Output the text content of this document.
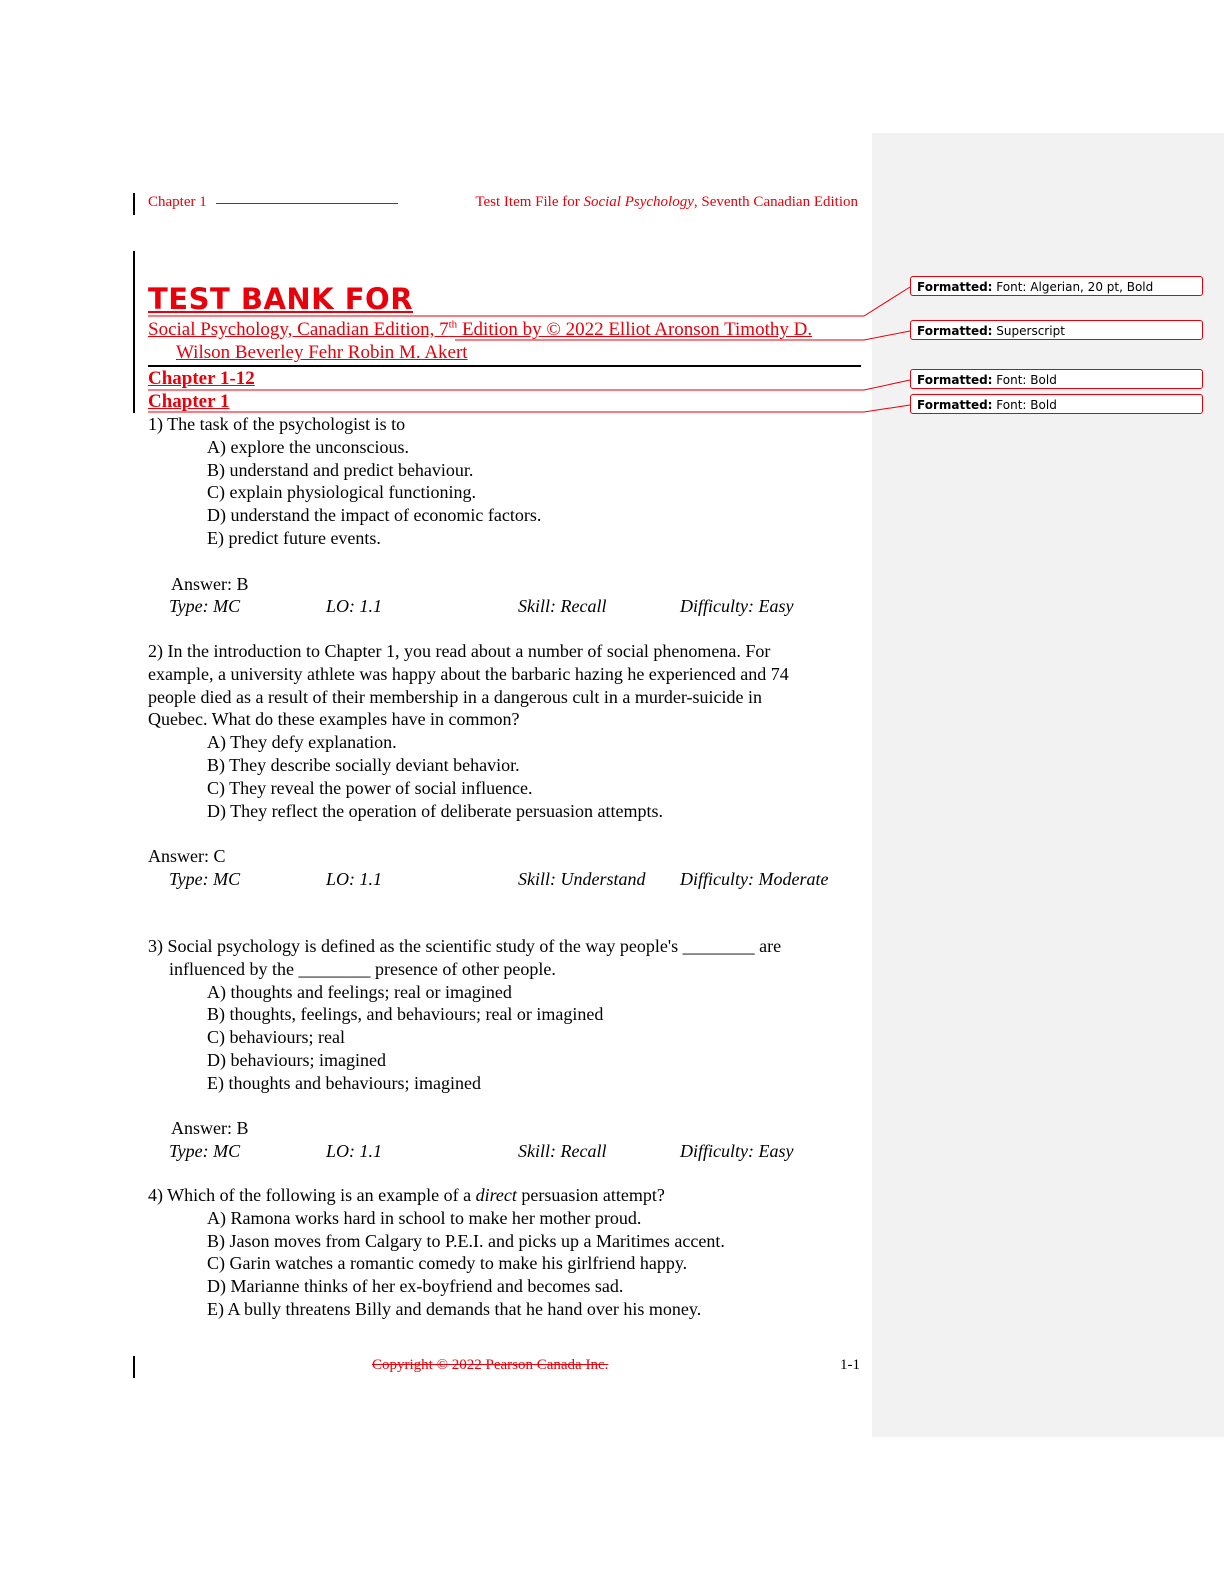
Chapter 1	Test Item File for Social Psychology, Seventh Canadian Edition
TEST BANK FOR
Social Psychology, Canadian Edition, 7th Edition by © 2022 Elliot Aronson Timothy D.
Wilson Beverley Fehr Robin M. Akert
Chapter 1-12
Chapter 1

1) The task of the psychologist is to

A) explore the unconscious.

B) understand and predict behaviour.

C) explain physiological functioning.

D) understand the impact of economic factors.

E) predict future events.

Answer: B

Type: MC	LO: 1.1	Skill: Recall	Difficulty: Easy

2) In the introduction to Chapter 1, you read about a number of social phenomena. For

example, a university athlete was happy about the barbaric hazing he experienced and 74

people died as a result of their membership in a dangerous cult in a murder-suicide in

Quebec. What do these examples have in common?

A) They defy explanation.

B) They describe socially deviant behavior.

C) They reveal the power of social influence.

D) They reflect the operation of deliberate persuasion attempts.

Answer: C

Type: MC	LO: 1.1	Skill: Understand Difficulty: Moderate

3) Social psychology is defined as the scientific study of the way people's ________ are

influenced by the ________ presence of other people.

A) thoughts and feelings; real or imagined

B) thoughts, feelings, and behaviours; real or imagined

C) behaviours; real

D) behaviours; imagined

E) thoughts and behaviours; imagined

Answer: B

Type: MC	LO: 1.1	Skill: Recall	Difficulty: Easy

4) Which of the following is an example of a direct persuasion attempt?

A) Ramona works hard in school to make her mother proud.

B) Jason moves from Calgary to P.E.I. and picks up a Maritimes accent.

C) Garin watches a romantic comedy to make his girlfriend happy.

D) Marianne thinks of her ex-boyfriend and becomes sad.

E) A bully threatens Billy and demands that he hand over his money.

Copyright © 2022 Pearson Canada Inc.	1-1
Formatted: Font: Algerian, 20 pt, Bold
Formatted: Superscript
Formatted: Font: Bold
Formatted: Font: Bold
